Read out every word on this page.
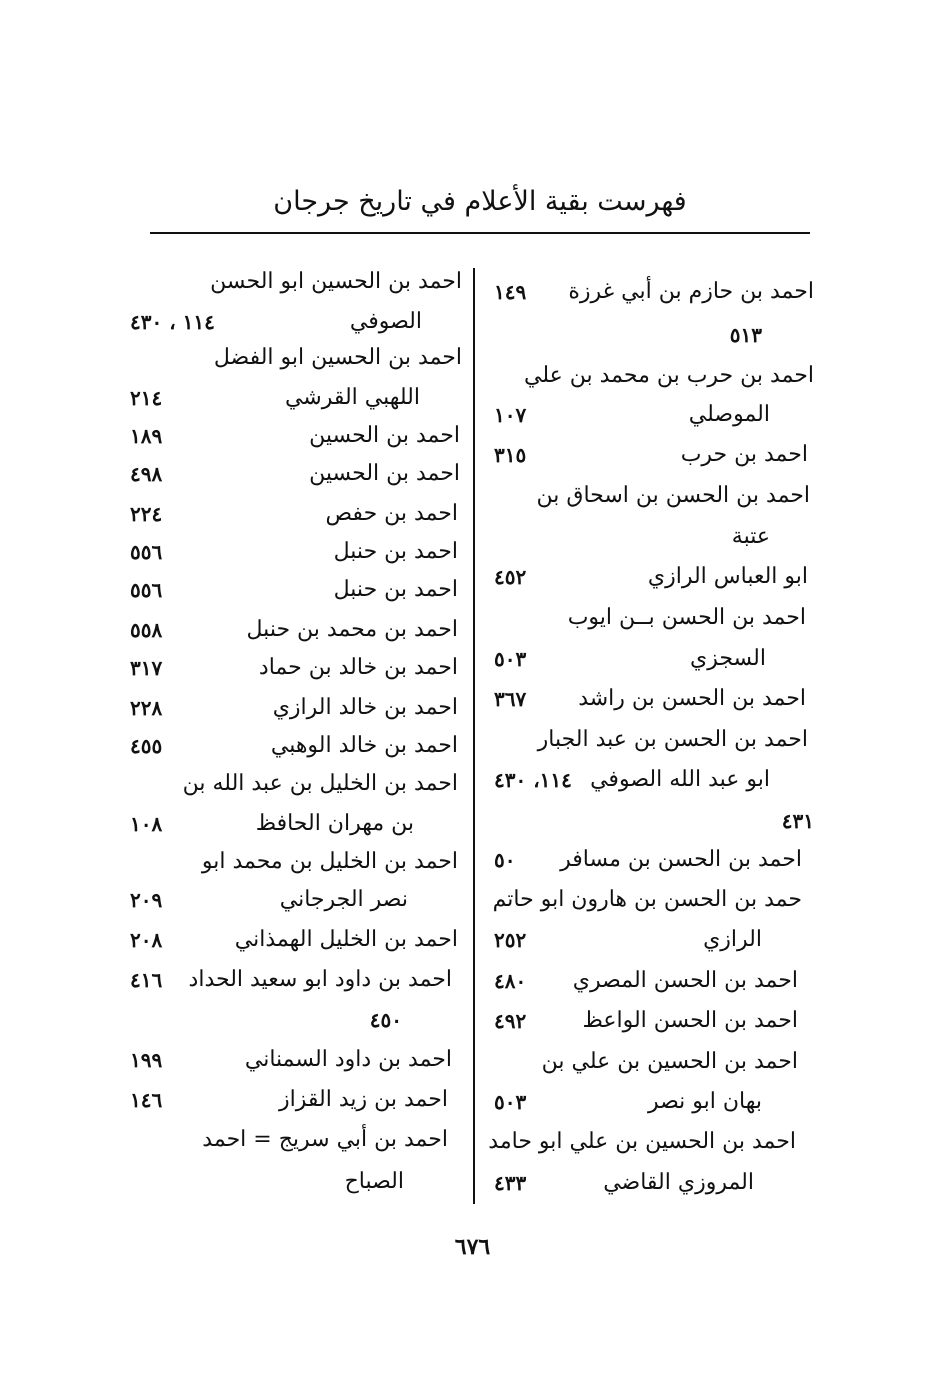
فهرست بقية الأعلام في تاريخ جرجان
احمد بن حازم بن أبي غرزة
١٤٩
٥١٣
احمد بن حرب بن محمد بن علي
الموصلي
١٠٧
احمد بن حرب
٣١٥
احمد بن الحسن بن اسحاق بن
عتبة
ابو العباس الرازي
٤٥٢
احمد بن الحسن بــن ايوب
السجزي
٥٠٣
احمد بن الحسن بن راشد
٣٦٧
احمد بن الحسن بن عبد الجبار
ابو عبد الله الصوفي
١١٤، ٤٣٠
٤٣١
احمد بن الحسن بن مسافر
٥٠
حمد بن الحسن بن هارون ابو حاتم
الرازي
٢٥٢
احمد بن الحسن المصري
٤٨٠
احمد بن الحسن الواعظ
٤٩٢
احمد بن الحسين بن علي بن
بهان ابو نصر
٥٠٣
احمد بن الحسين بن علي ابو حامد
المروزي القاضي
٤٣٣
احمد بن الحسين ابو الحسن
الصوفي
١١٤ ، ٤٣٠
احمد بن الحسين ابو الفضل
اللهبي القرشي
٢١٤
احمد بن الحسين
١٨٩
احمد بن الحسين
٤٩٨
احمد بن حفص
٢٢٤
احمد بن حنبل
٥٥٦
احمد بن حنبل
٥٥٦
احمد بن محمد بن حنبل
٥٥٨
احمد بن خالد بن حماد
٣١٧
احمد بن خالد الرازي
٢٢٨
احمد بن خالد الوهبي
٤٥٥
احمد بن الخليل بن عبد الله بن
بن مهران الحافظ
١٠٨
احمد بن الخليل بن محمد ابو
نصر الجرجاني
٢٠٩
احمد بن الخليل الهمذاني
٢٠٨
احمد بن داود ابو سعيد الحداد
٤١٦
٤٥٠
احمد بن داود السمناني
١٩٩
احمد بن زيد القزاز
١٤٦
احمد بن أبي سريج = احمد
الصباح
٦٧٦
